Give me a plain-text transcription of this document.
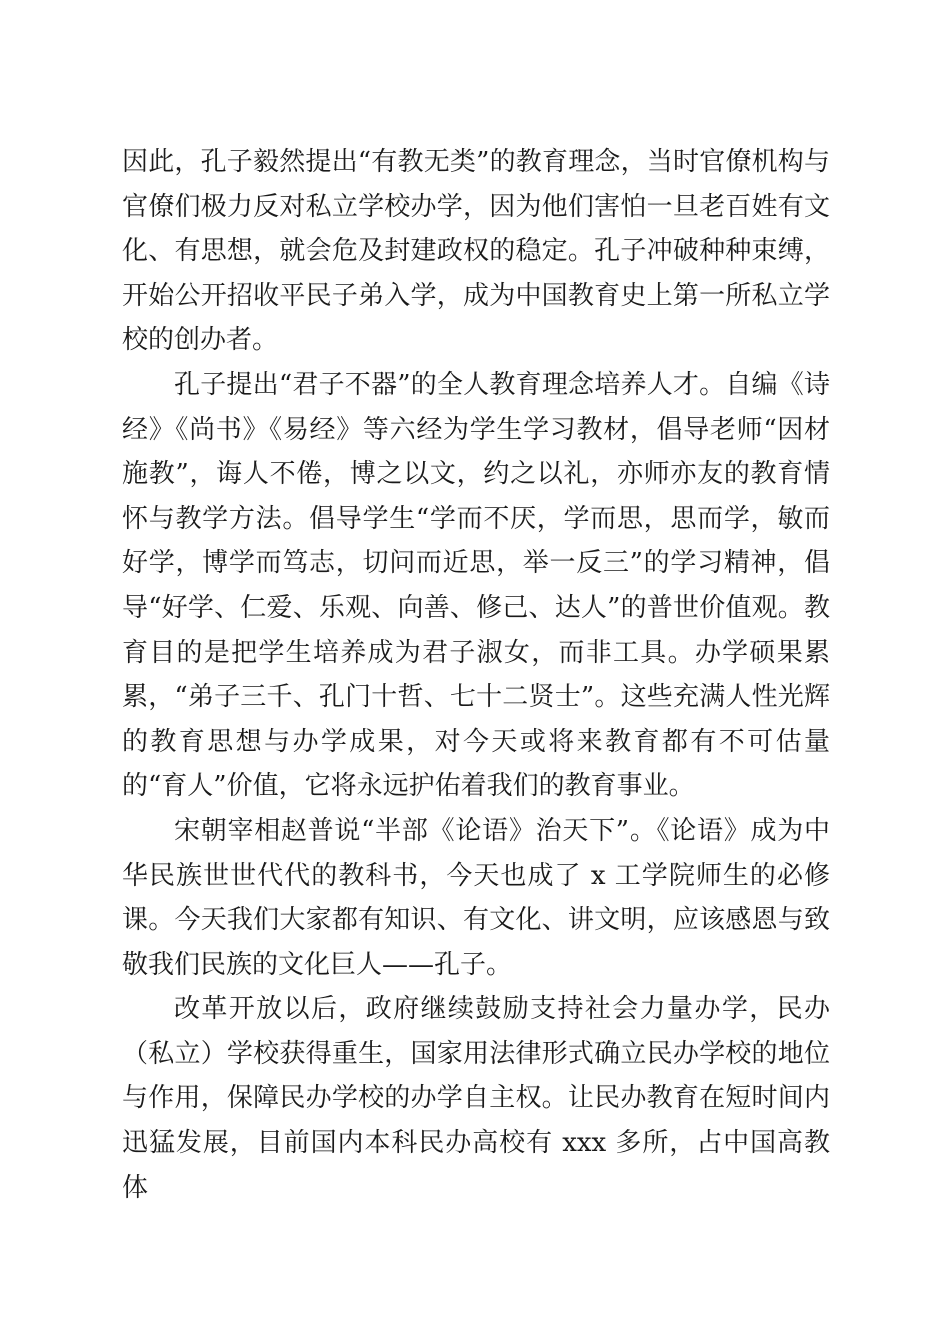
因此，孔子毅然提出“有教无类”的教育理念，当时官僚机构与官僚们极力反对私立学校办学，因为他们害怕一旦老百姓有文化、有思想，就会危及封建政权的稳定。孔子冲破种种束缚，开始公开招收平民子弟入学，成为中国教育史上第一所私立学校的创办者。

孔子提出“君子不器”的全人教育理念培养人才。自编《诗经》《尚书》《易经》等六经为学生学习教材，倡导老师“因材施教”，诲人不倦，博之以文，约之以礼，亦师亦友的教育情怀与教学方法。倡导学生“学而不厌，学而思，思而学，敏而好学，博学而笃志，切问而近思，举一反三”的学习精神，倡导“好学、仁爱、乐观、向善、修己、达人”的普世价值观。教育目的是把学生培养成为君子淑女，而非工具。办学硕果累累，“弟子三千、孔门十哲、七十二贤士”。这些充满人性光辉的教育思想与办学成果，对今天或将来教育都有不可估量的“育人”价值，它将永远护佑着我们的教育事业。

宋朝宰相赵普说“半部《论语》治天下”。《论语》成为中华民族世世代代的教科书，今天也成了 x 工学院师生的必修课。今天我们大家都有知识、有文化、讲文明，应该感恩与致敬我们民族的文化巨人——孔子。

改革开放以后，政府继续鼓励支持社会力量办学，民办（私立）学校获得重生，国家用法律形式确立民办学校的地位与作用，保障民办学校的办学自主权。让民办教育在短时间内迅猛发展，目前国内本科民办高校有 xxx 多所，占中国高教体
